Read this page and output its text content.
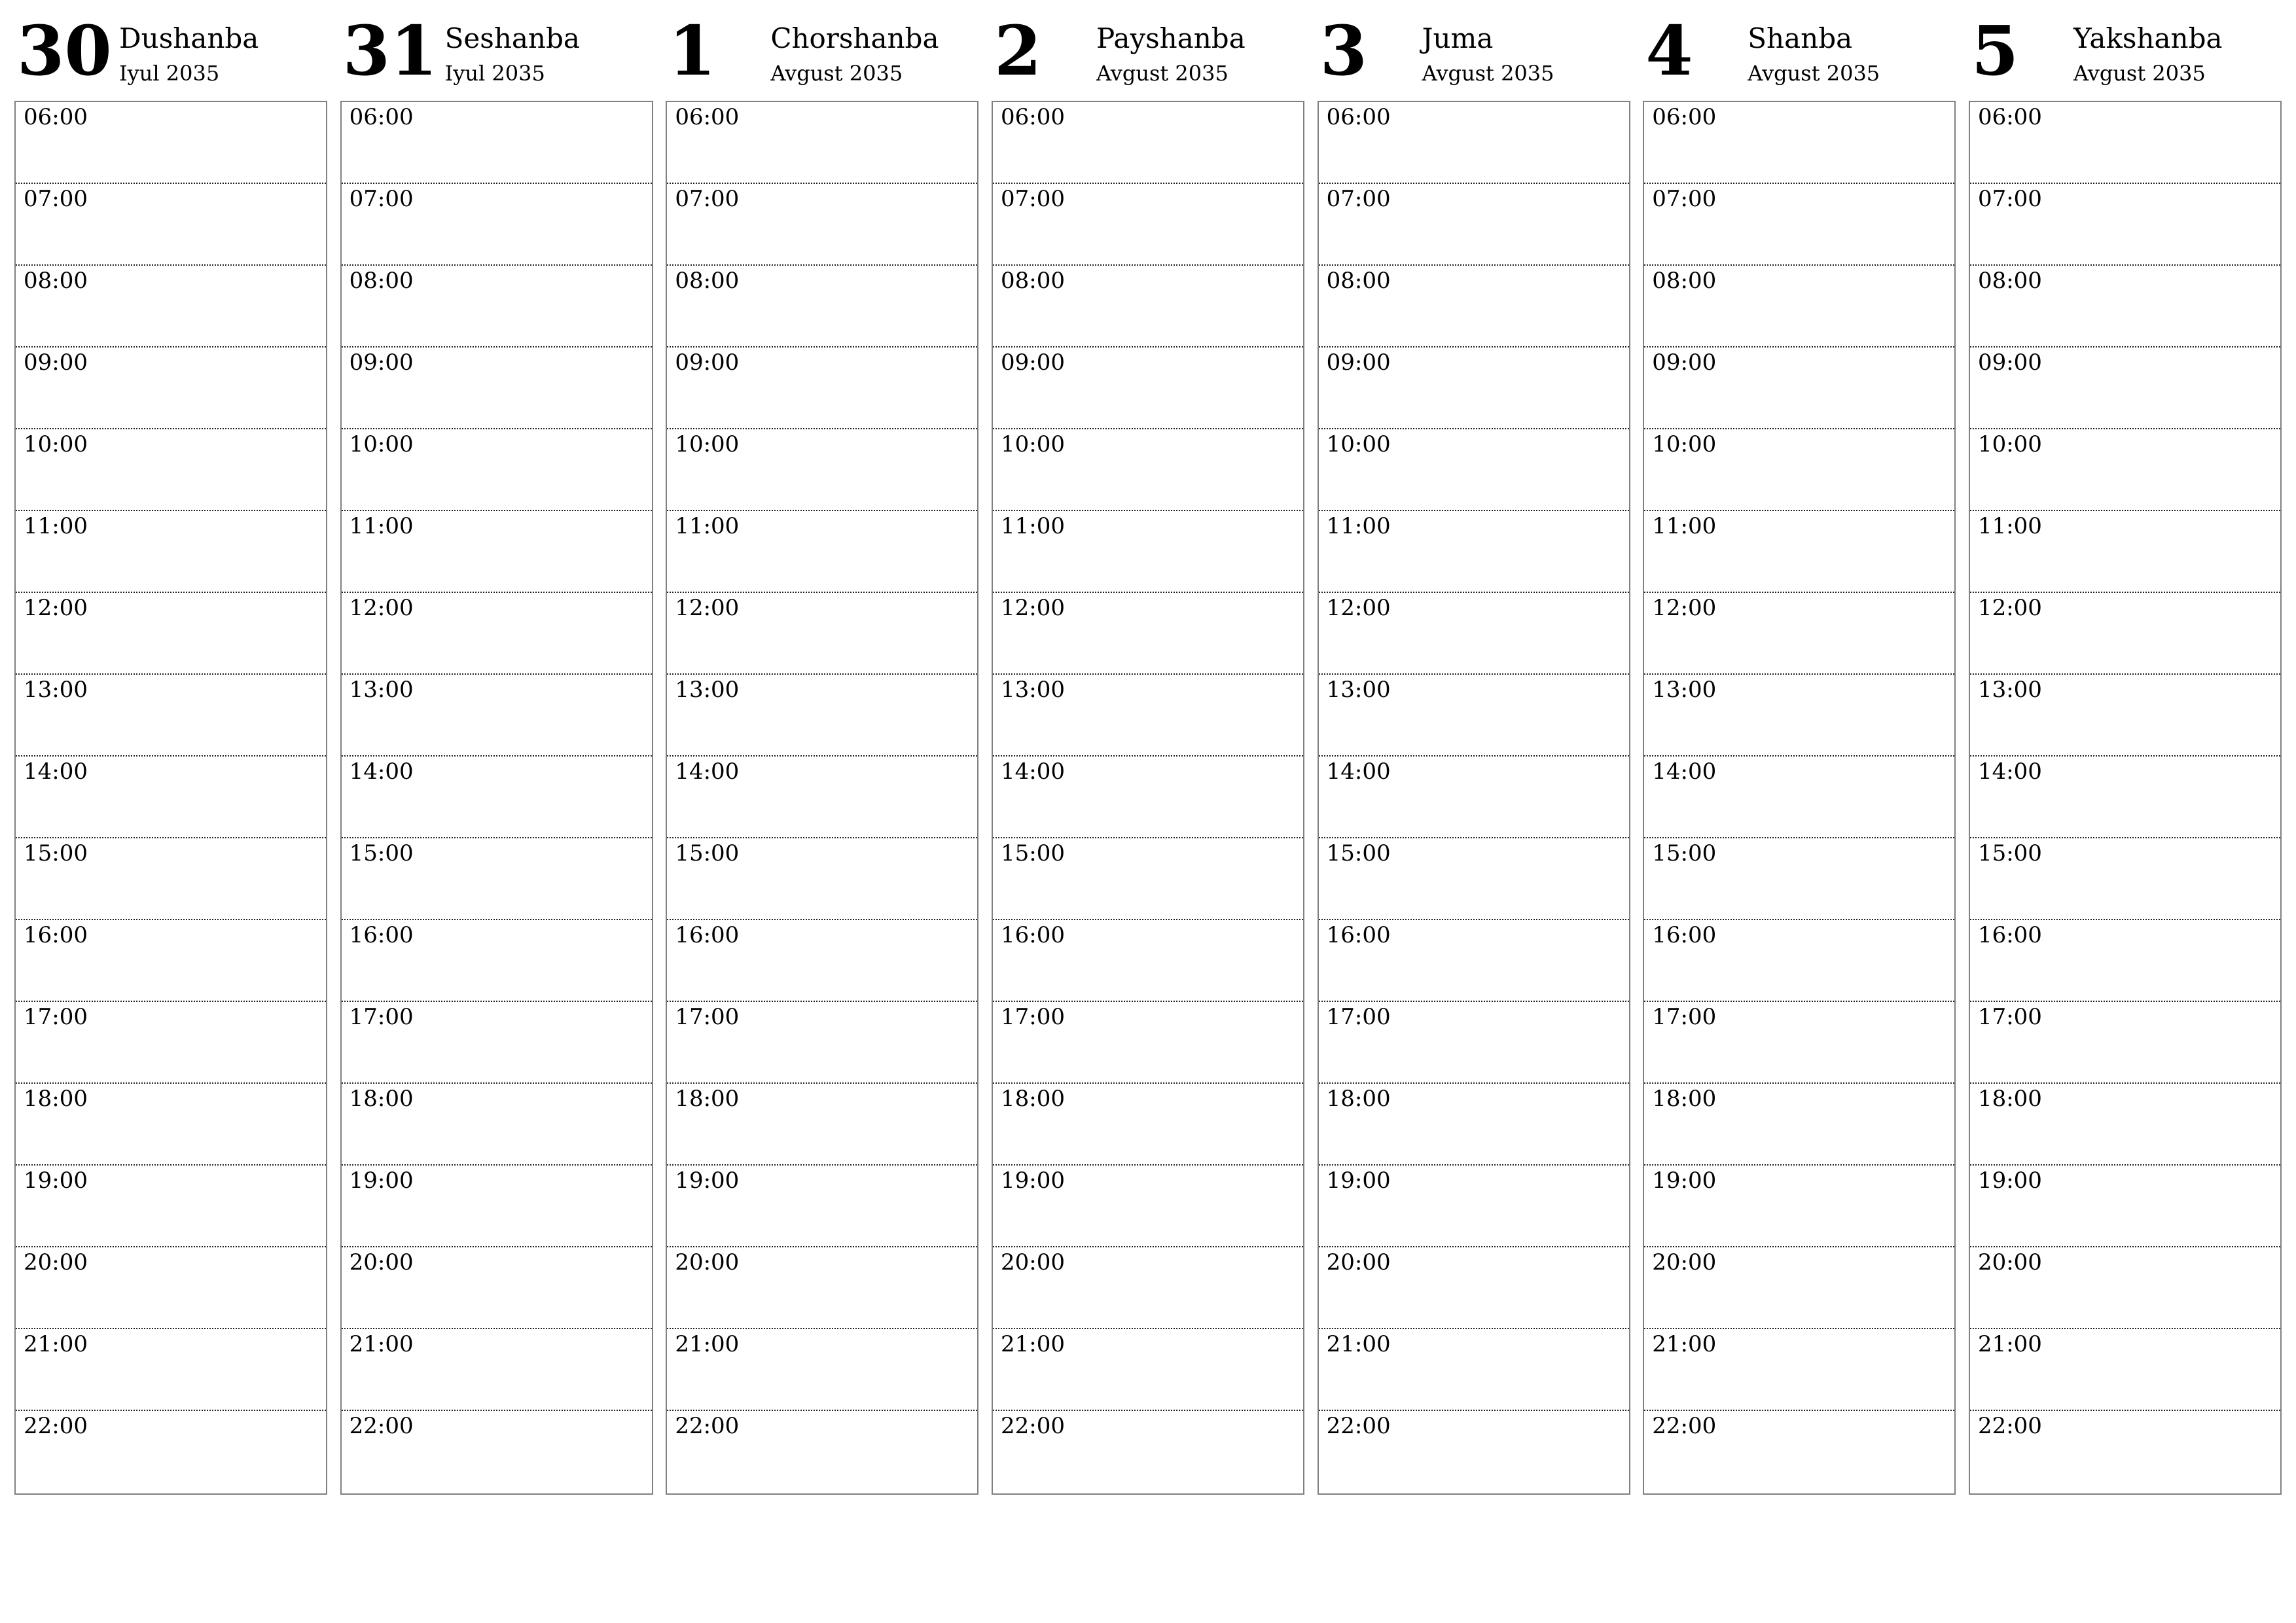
30 Dushanba
Iyul 2035
06:00
07:00
08:00
09:00
10:00
11:00
12:00
13:00
14:00
15:00
16:00
17:00
18:00
19:00
20:00
21:00
22:00
31 Seshanba
Iyul 2035
06:00
07:00
08:00
09:00
10:00
11:00
12:00
13:00
14:00
15:00
16:00
17:00
18:00
19:00
20:00
21:00
22:00
1 Chorshanba
Avgust 2035
06:00
07:00
08:00
09:00
10:00
11:00
12:00
13:00
14:00
15:00
16:00
17:00
18:00
19:00
20:00
21:00
22:00
2 Payshanba
Avgust 2035
06:00
07:00
08:00
09:00
10:00
11:00
12:00
13:00
14:00
15:00
16:00
17:00
18:00
19:00
20:00
21:00
22:00
3 Juma
Avgust 2035
06:00
07:00
08:00
09:00
10:00
11:00
12:00
13:00
14:00
15:00
16:00
17:00
18:00
19:00
20:00
21:00
22:00
4 Shanba
Avgust 2035
06:00
07:00
08:00
09:00
10:00
11:00
12:00
13:00
14:00
15:00
16:00
17:00
18:00
19:00
20:00
21:00
22:00
5 Yakshanba
Avgust 2035
06:00
07:00
08:00
09:00
10:00
11:00
12:00
13:00
14:00
15:00
16:00
17:00
18:00
19:00
20:00
21:00
22:00
